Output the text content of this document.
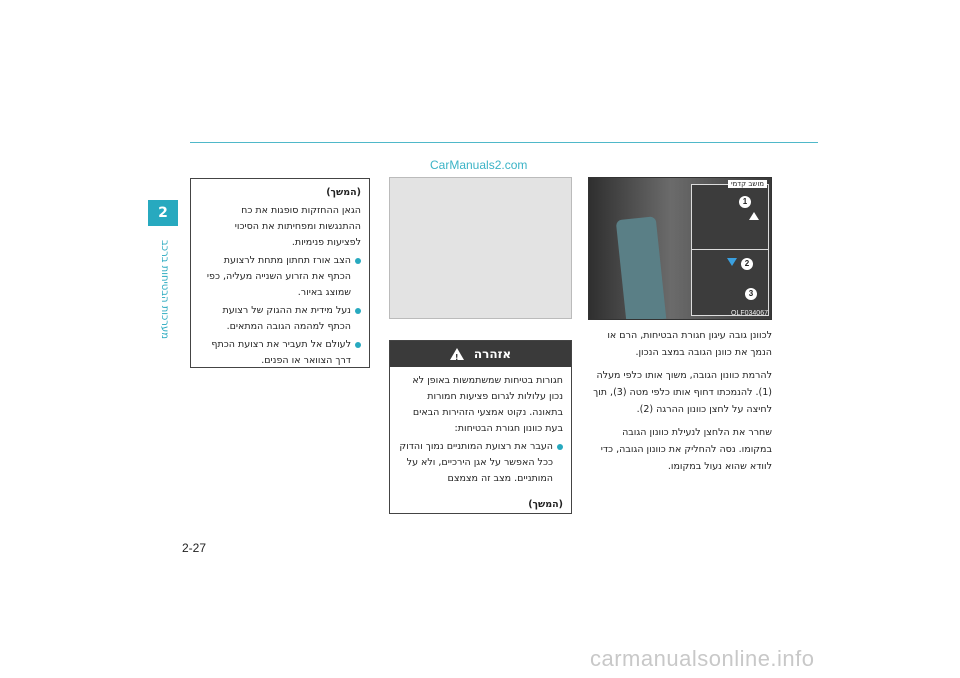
CarManuals2.com
2
מערכות הבטיחות ברכב

(המשך)

הגאן ההחזקות סופגות את כח ההתנגשות ומפחיתות את הסיכוי לפציעות פנימיות.

הצב אורז תחתון מתחת לרצועת הכתף את הזרוע השנייה מעליה, כפי שמוצג באיור.

נעל מידית את ההגוק של רצועת הכתף למהמה הגובה המתאים.

לעולם אל תעביר את רצועת הכתף דרך הצוואר או הפנים.	אזהרה
!

חגורות בטיחות שמשתמשות באופן לא נכון עלולות לגרום פציעות חמורות בתאונה. נקוט אמצעי הזהירות הבאים בעת כוונון חגורת הבטיחות:

העבר את רצועת המותניים נמוך והדוק ככל האפשר על אגן הירכיים, ולא על המותניים. מצב זה מצמצם

(המשך)

מושב קדמי
1
2
3
OLF034067

לכוונן גובה עיגון חגורת הבטיחות, הרם או הנמך את כוונן הגובה במצב הנכון.

להרמת כוונון הגובה, משוך אותו כלפי מעלה (1). להנמכתו דחוף אותו כלפי מטה (3), תוך לחיצה על לחצן כוונון ההרגה (2).

שחרר את הלחצן לנעילת כוונון הגובה במקומו. נסה להחליק את כוונון הגובה, כדי לוודא שהוא נעול במקומו.

2-27
carmanualsonline.info
